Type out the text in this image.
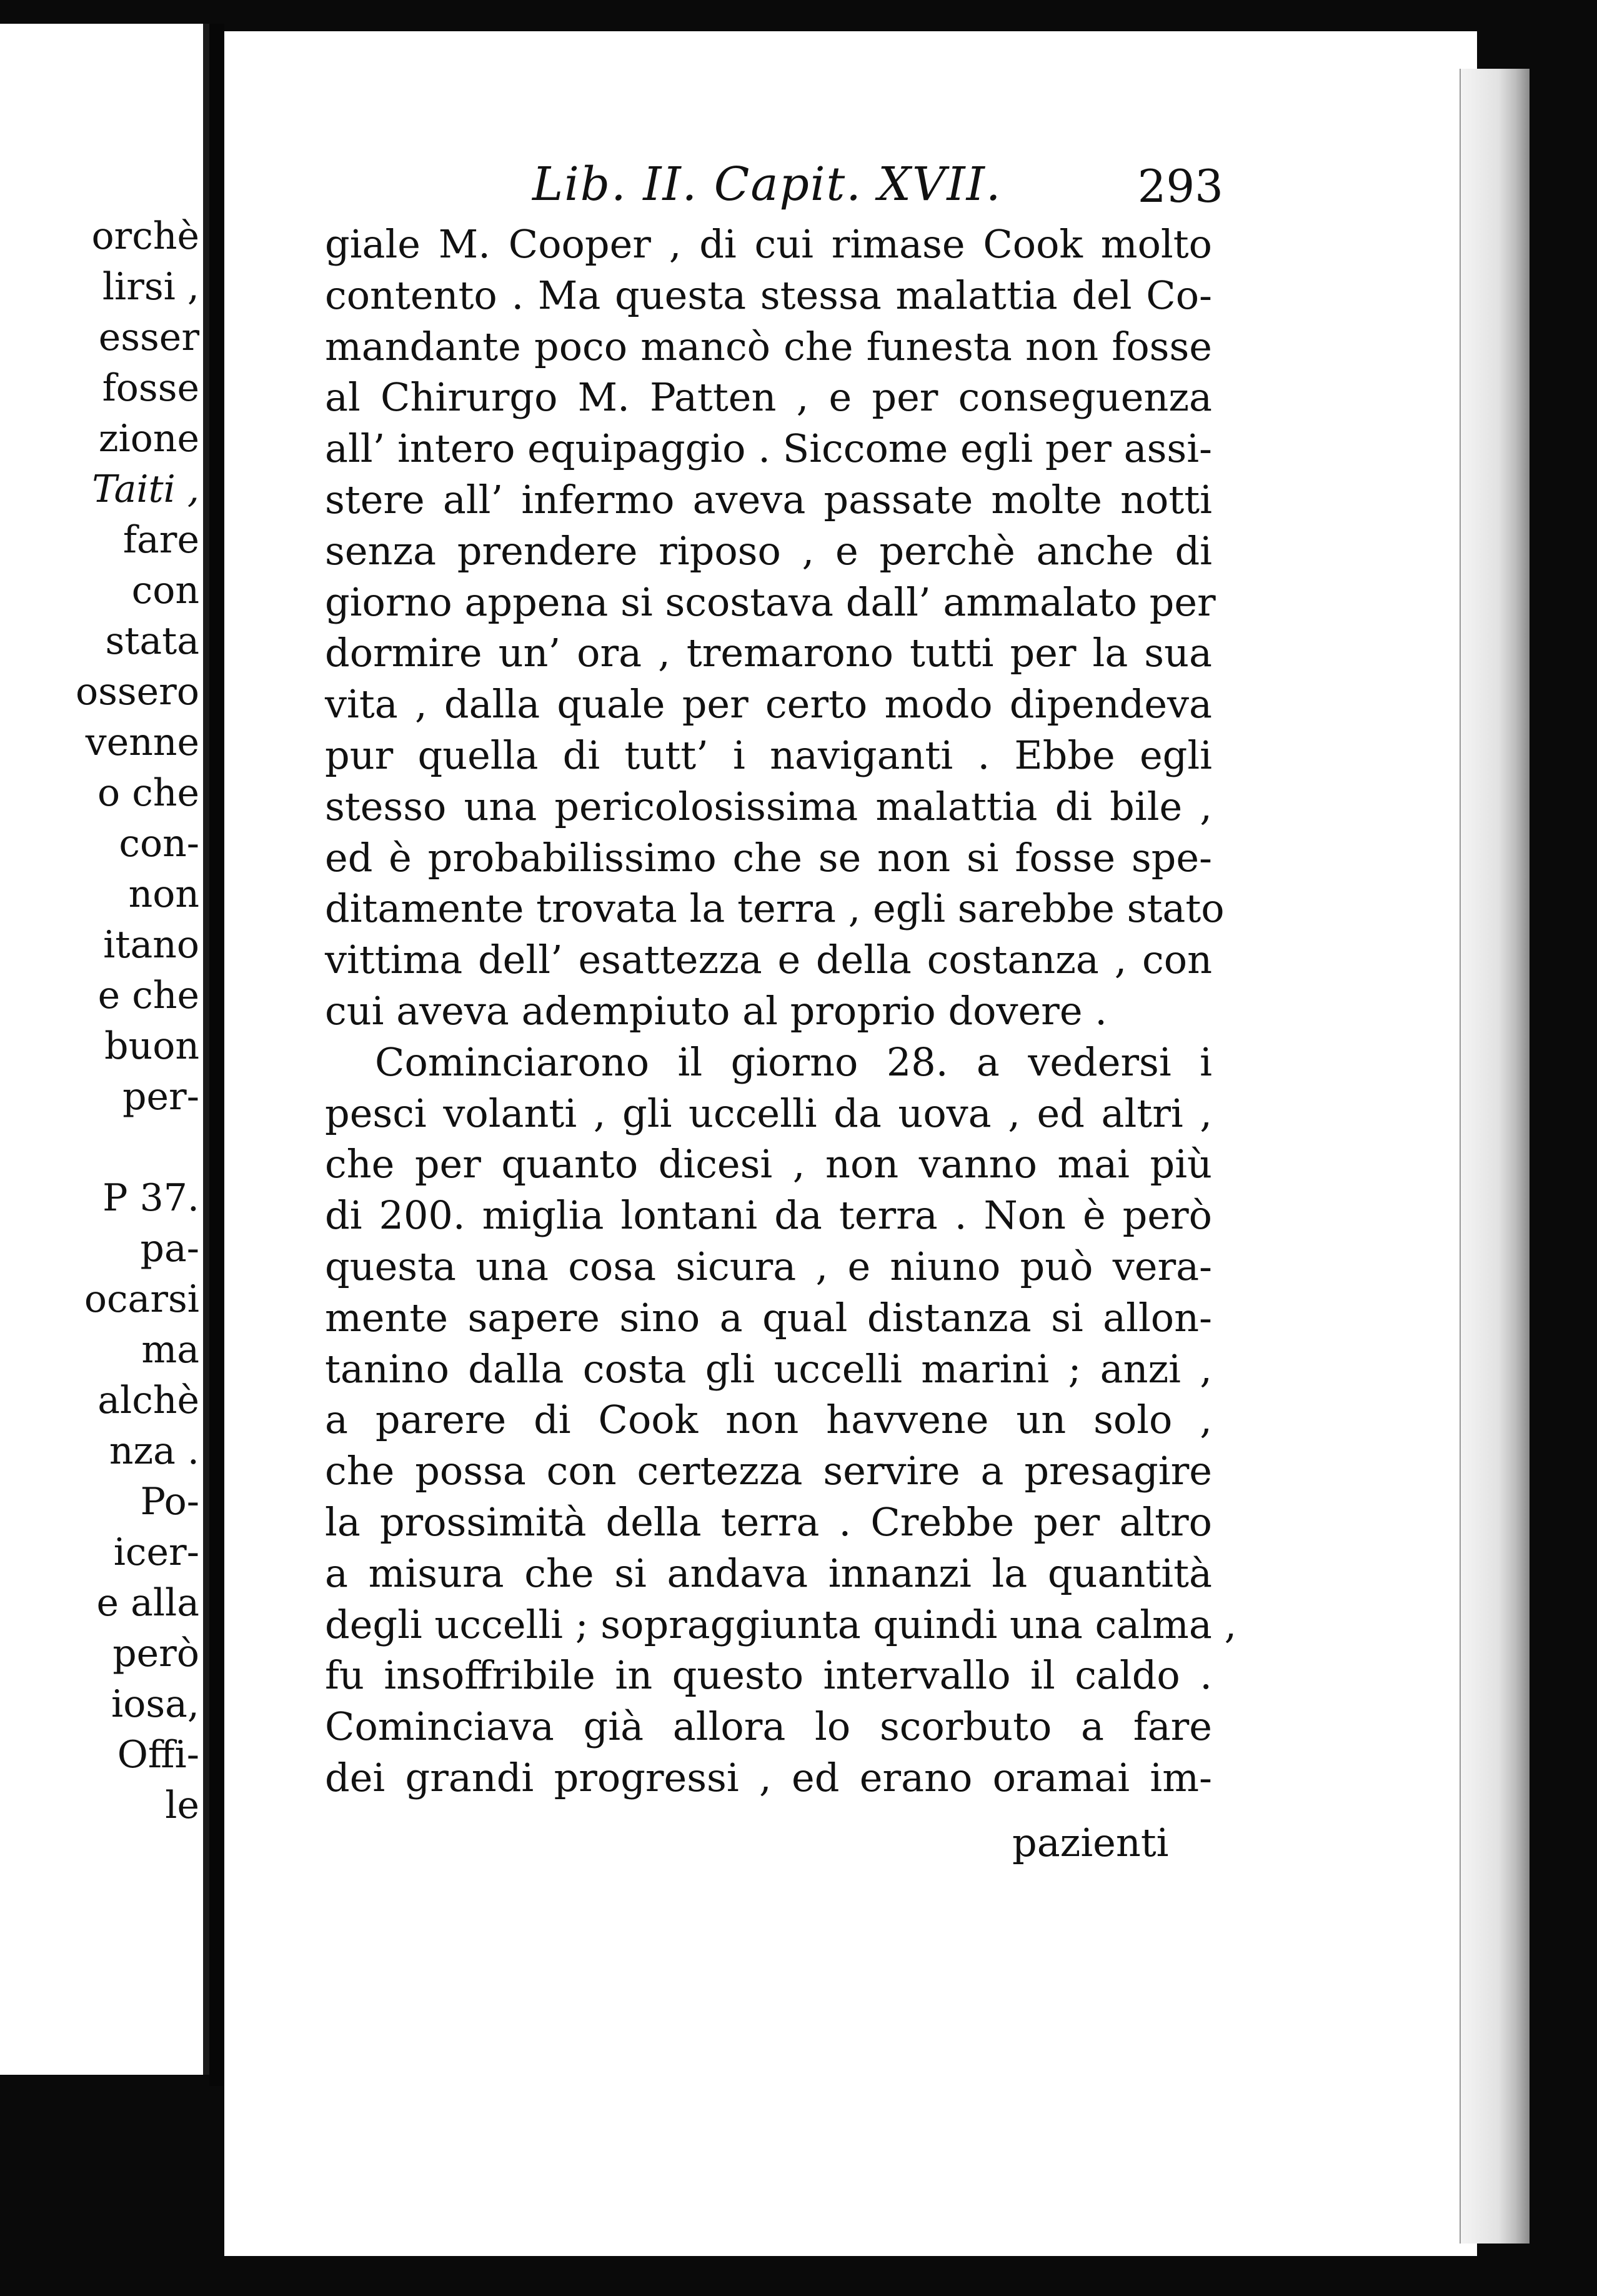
orchè
lirsi ,
esser
fosse
zione
Taiti ,
fare
con
stata
ossero
venne
o che
con-
non
itano
e che
buon
per-
P 37.
pa-
ocarsi
ma
alchè
nza .
Po-
icer-
e alla
però
iosa,
Offi-
le
Lib. II. Capit. XVII.	293
giale M. Cooper , di cui rimase Cook molto
contento . Ma questa stessa malattia del Co-
mandante poco mancò che funesta non fosse
al Chirurgo M. Patten , e per conseguenza
all’ intero equipaggio . Siccome egli per assi-
stere all’ infermo aveva passate molte notti
senza prendere riposo , e perchè anche di
giorno appena si scostava dall’ ammalato per
dormire un’ ora , tremarono tutti per la sua
vita , dalla quale per certo modo dipendeva
pur quella di tutt’ i naviganti . Ebbe egli
stesso una pericolosissima malattia di bile ,
ed è probabilissimo che se non si fosse spe-
ditamente trovata la terra , egli sarebbe stato
vittima dell’ esattezza e della costanza , con
cui aveva adempiuto al proprio dovere .
Cominciarono il giorno 28. a vedersi i
pesci volanti , gli uccelli da uova , ed altri ,
che per quanto dicesi , non vanno mai più
di 200. miglia lontani da terra . Non è però
questa una cosa sicura , e niuno può vera-
mente sapere sino a qual distanza si allon-
tanino dalla costa gli uccelli marini ; anzi ,
a parere di Cook non havvene un solo ,
che possa con certezza servire a presagire
la prossimità della terra . Crebbe per altro
a misura che si andava innanzi la quantità
degli uccelli ; sopraggiunta quindi una calma ,
fu insoffribile in questo intervallo il caldo .
Cominciava già allora lo scorbuto a fare
dei grandi progressi , ed erano oramai im-
pazienti
